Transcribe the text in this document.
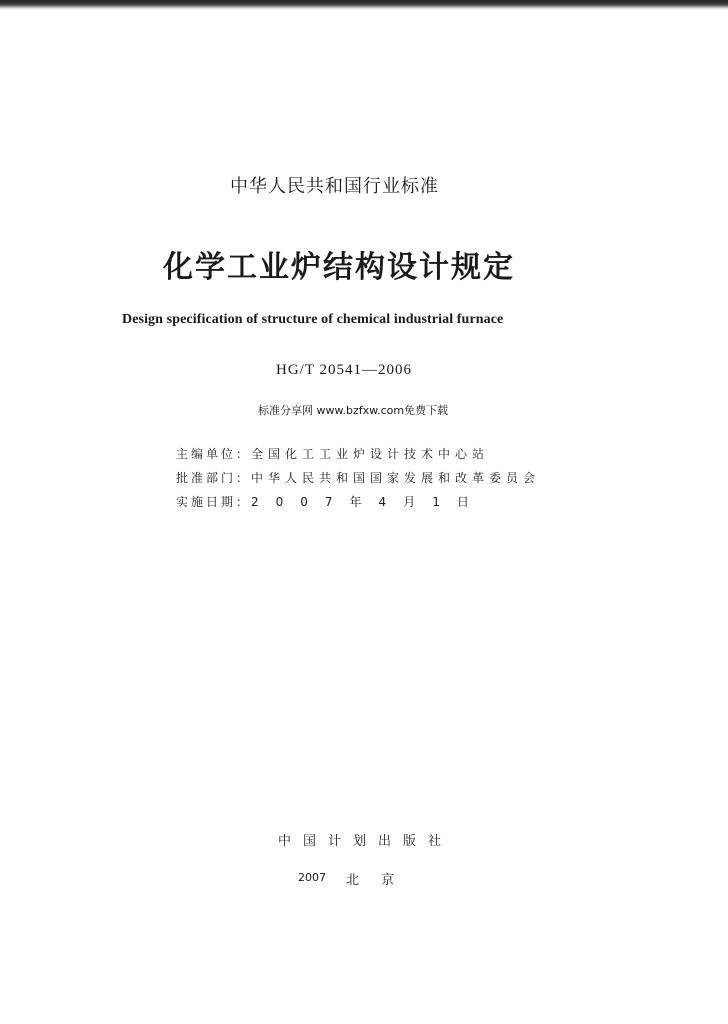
中华人民共和国行业标准
化学工业炉结构设计规定
Design specification of structure of chemical industrial furnace
HG/T 20541—2006
标准分享网 www.bzfxw.com免费下载
主编单位：全国化工工业炉设计技术中心站
批准部门：中华人民共和国国家发展和改革委员会
实施日期：2007年4月1日
中国计划出版社
2007 北京
